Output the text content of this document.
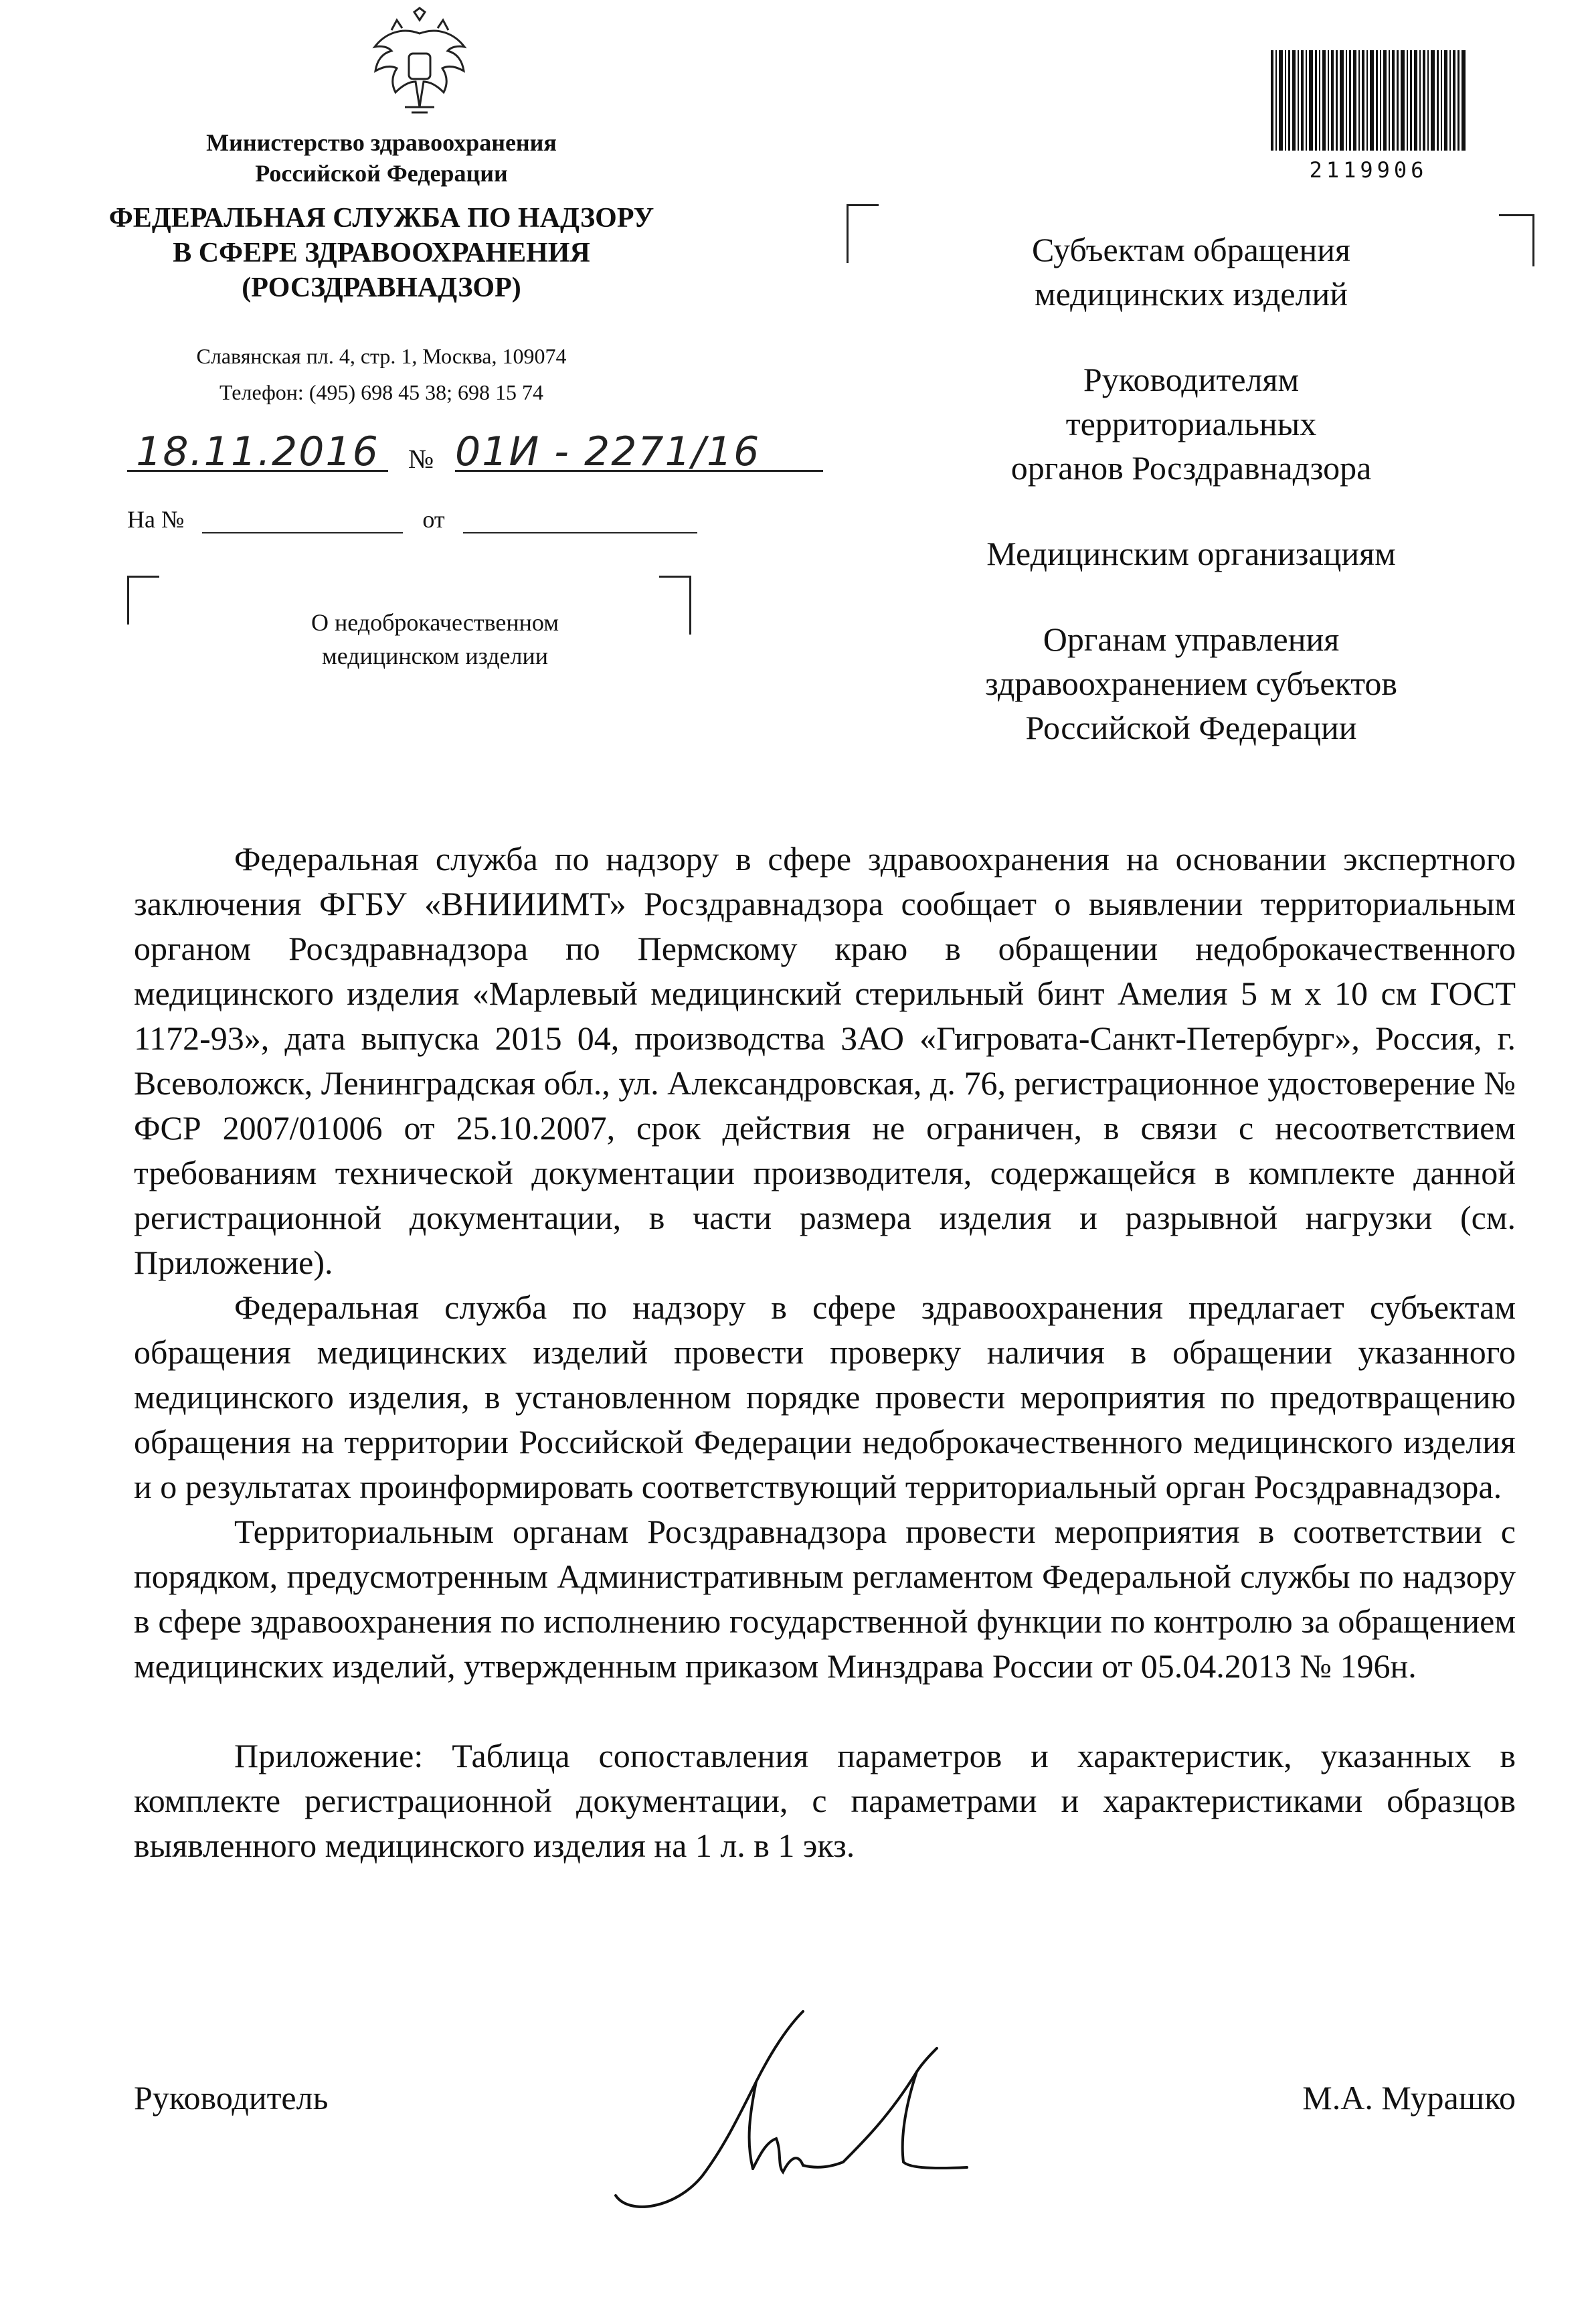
Министерство здравоохранения
Российской Федерации
ФЕДЕРАЛЬНАЯ СЛУЖБА ПО НАДЗОРУ
В СФЕРЕ ЗДРАВООХРАНЕНИЯ
(РОСЗДРАВНАДЗОР)
Славянская пл. 4, стр. 1, Москва, 109074
Телефон: (495) 698 45 38; 698 15 74
18.11.2016	№ 01И - 2271/16
На №	от
О недоброкачественном
медицинском изделии
2119906

Субъектам обращения
медицинских изделий

Руководителям
территориальных
органов Росздравнадзора

Медицинским организациям

Органам управления
здравоохранением субъектов
Российской Федерации

Федеральная служба по надзору в сфере здравоохранения на основании экспертного заключения ФГБУ «ВНИИИМТ» Росздравнадзора сообщает о выявлении территориальным органом Росздравнадзора по Пермскому краю в обращении недоброкачественного медицинского изделия «Марлевый медицинский стерильный бинт Амелия 5 м х 10 см ГОСТ 1172-93», дата выпуска 2015 04, производства ЗАО «Гигровата-Санкт-Петербург», Россия, г. Всеволожск, Ленинградская обл., ул. Александровская, д. 76, регистрационное удостоверение № ФСР 2007/01006 от 25.10.2007, срок действия не ограничен, в связи с несоответствием требованиям технической документации производителя, содержащейся в комплекте данной регистрационной документации, в части размера изделия и разрывной нагрузки (см. Приложение).

Федеральная служба по надзору в сфере здравоохранения предлагает субъектам обращения медицинских изделий провести проверку наличия в обращении указанного медицинского изделия, в установленном порядке провести мероприятия по предотвращению обращения на территории Российской Федерации недоброкачественного медицинского изделия и о результатах проинформировать соответствующий территориальный орган Росздравнадзора.

Территориальным органам Росздравнадзора провести мероприятия в соответствии с порядком, предусмотренным Административным регламентом Федеральной службы по надзору в сфере здравоохранения по исполнению государственной функции по контролю за обращением медицинских изделий, утвержденным приказом Минздрава России от 05.04.2013 № 196н.

Приложение: Таблица сопоставления параметров и характеристик, указанных в комплекте регистрационной документации, с параметрами и характеристиками образцов выявленного медицинского изделия на 1 л. в 1 экз.

Руководитель	М.А. Мурашко
